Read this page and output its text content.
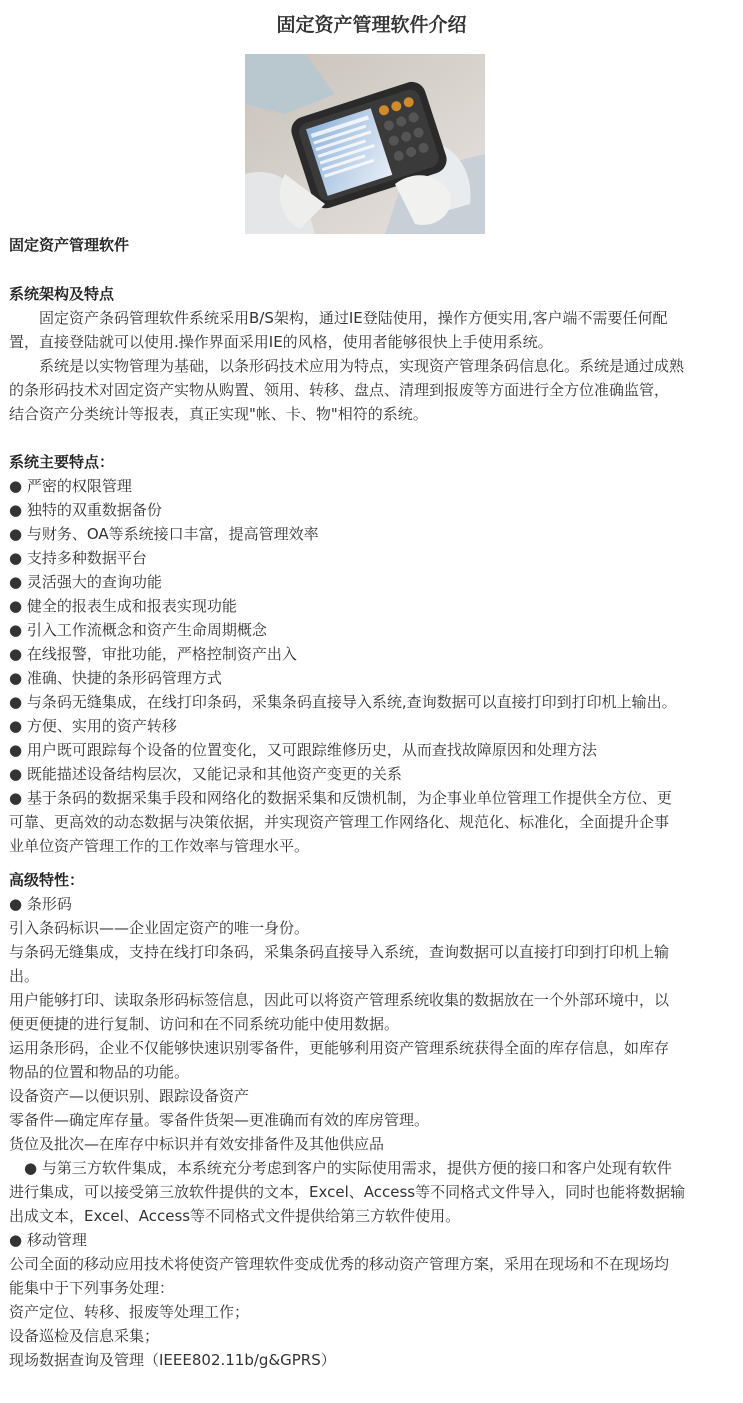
固定资产管理软件介绍
固定资产管理软件
系统架构及特点
　　固定资产条码管理软件系统采用B/S架构，通过IE登陆使用，操作方便实用,客户端不需要任何配
置，直接登陆就可以使用.操作界面采用IE的风格，使用者能够很快上手使用系统。
　　系统是以实物管理为基础，以条形码技术应用为特点，实现资产管理条码信息化。系统是通过成熟
的条形码技术对固定资产实物从购置、领用、转移、盘点、清理到报废等方面进行全方位准确监管，
结合资产分类统计等报表，真正实现"帐、卡、物"相符的系统。
系统主要特点：
● 严密的权限管理
● 独特的双重数据备份
● 与财务、OA等系统接口丰富，提高管理效率
● 支持多种数据平台
● 灵活强大的查询功能
● 健全的报表生成和报表实现功能
● 引入工作流概念和资产生命周期概念
● 在线报警，审批功能，严格控制资产出入
● 准确、快捷的条形码管理方式
● 与条码无缝集成，在线打印条码，采集条码直接导入系统,查询数据可以直接打印到打印机上输出。
● 方便、实用的资产转移
● 用户既可跟踪每个设备的位置变化，又可跟踪维修历史，从而查找故障原因和处理方法
● 既能描述设备结构层次，又能记录和其他资产变更的关系
● 基于条码的数据采集手段和网络化的数据采集和反馈机制，为企事业单位管理工作提供全方位、更
可靠、更高效的动态数据与决策依据，并实现资产管理工作网络化、规范化、标准化，全面提升企事
业单位资产管理工作的工作效率与管理水平。
高级特性：
● 条形码
引入条码标识——企业固定资产的唯一身份。
与条码无缝集成，支持在线打印条码，采集条码直接导入系统，查询数据可以直接打印到打印机上输
出。
用户能够打印、读取条形码标签信息，因此可以将资产管理系统收集的数据放在一个外部环境中，以
便更便捷的进行复制、访问和在不同系统功能中使用数据。
运用条形码，企业不仅能够快速识别零备件，更能够利用资产管理系统获得全面的库存信息，如库存
物品的位置和物品的功能。
设备资产—以便识别、跟踪设备资产
零备件—确定库存量。零备件货架—更准确而有效的库房管理。
货位及批次—在库存中标识并有效安排备件及其他供应品
　● 与第三方软件集成，本系统充分考虑到客户的实际使用需求，提供方便的接口和客户处现有软件
进行集成，可以接受第三放软件提供的文本，Excel、Access等不同格式文件导入，同时也能将数据输
出成文本，Excel、Access等不同格式文件提供给第三方软件使用。
● 移动管理
公司全面的移动应用技术将使资产管理软件变成优秀的移动资产管理方案，采用在现场和不在现场均
能集中于下列事务处理：
资产定位、转移、报废等处理工作；
设备巡检及信息采集；
现场数据查询及管理（IEEE802.11b/g&GPRS）
